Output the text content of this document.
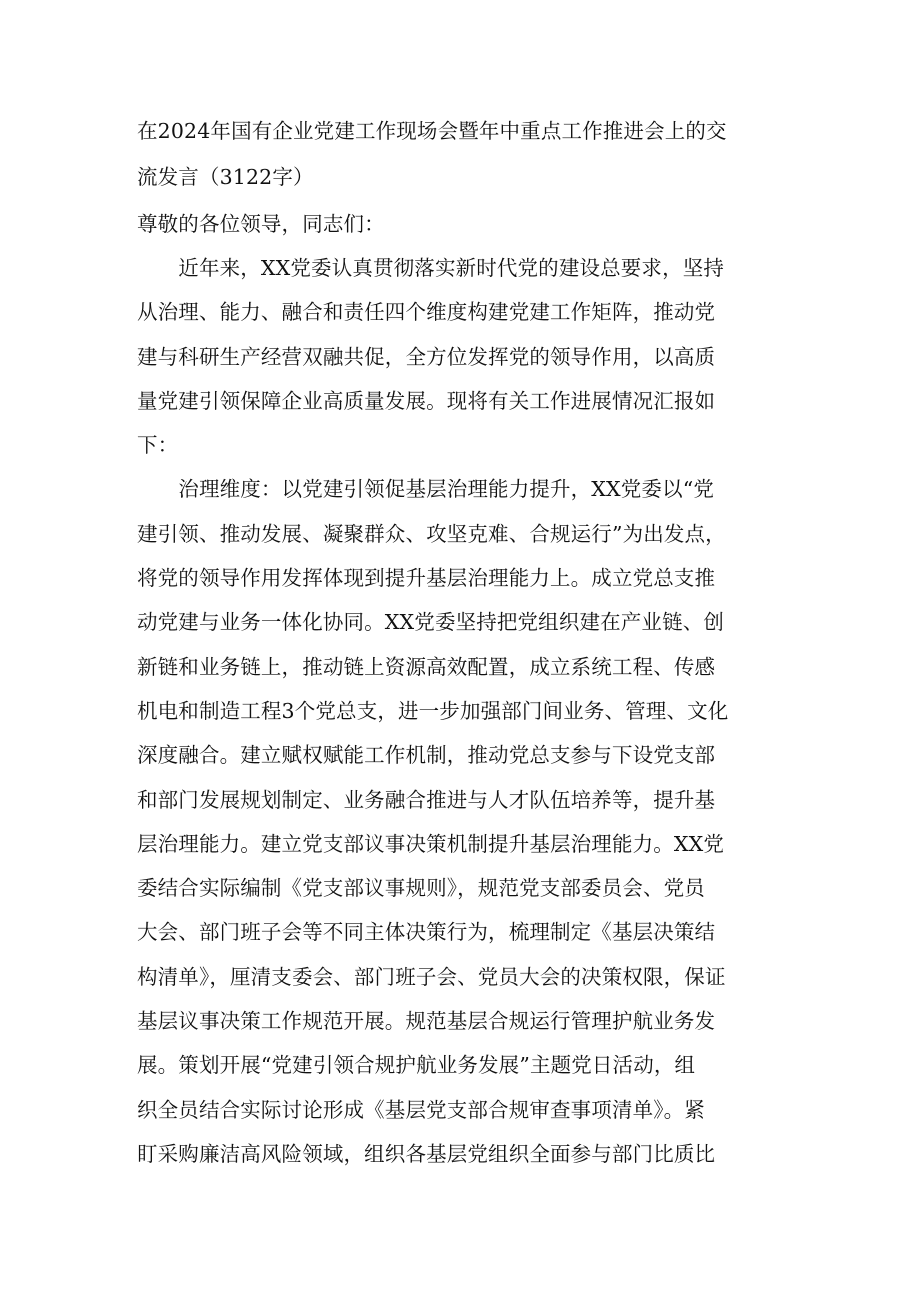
在2024年国有企业党建工作现场会暨年中重点工作推进会上的交
流发言（3122字）
尊敬的各位领导，同志们：
　　近年来，XX党委认真贯彻落实新时代党的建设总要求，坚持
从治理、能力、融合和责任四个维度构建党建工作矩阵，推动党
建与科研生产经营双融共促，全方位发挥党的领导作用，以高质
量党建引领保障企业高质量发展。现将有关工作进展情况汇报如
下：
　　治理维度：以党建引领促基层治理能力提升，XX党委以“党
建引领、推动发展、凝聚群众、攻坚克难、合规运行”为出发点，
将党的领导作用发挥体现到提升基层治理能力上。成立党总支推
动党建与业务一体化协同。XX党委坚持把党组织建在产业链、创
新链和业务链上，推动链上资源高效配置，成立系统工程、传感
机电和制造工程3个党总支，进一步加强部门间业务、管理、文化
深度融合。建立赋权赋能工作机制，推动党总支参与下设党支部
和部门发展规划制定、业务融合推进与人才队伍培养等，提升基
层治理能力。建立党支部议事决策机制提升基层治理能力。XX党
委结合实际编制《党支部议事规则》，规范党支部委员会、党员
大会、部门班子会等不同主体决策行为，梳理制定《基层决策结
构清单》，厘清支委会、部门班子会、党员大会的决策权限，保证
基层议事决策工作规范开展。规范基层合规运行管理护航业务发
展。策划开展“党建引领合规护航业务发展”主题党日活动，组
织全员结合实际讨论形成《基层党支部合规审查事项清单》。紧
盯采购廉洁高风险领域，组织各基层党组织全面参与部门比质比
